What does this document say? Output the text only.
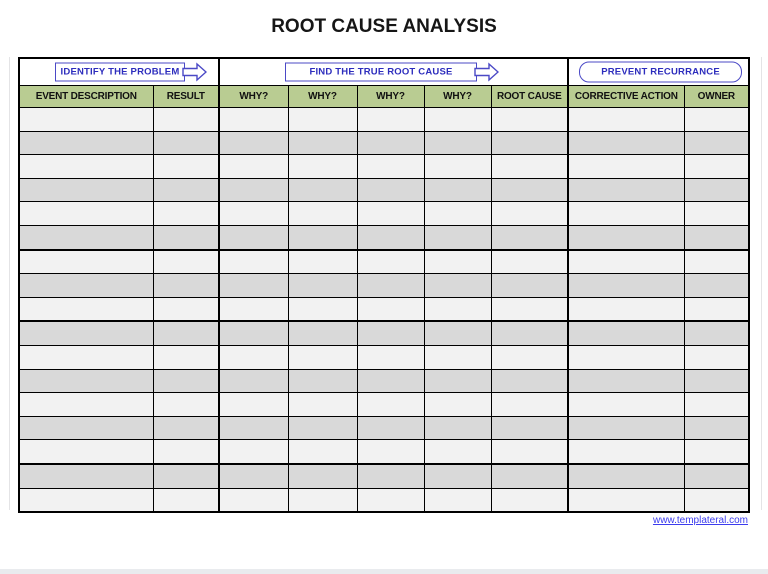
ROOT CAUSE ANALYSIS
IDENTIFY THE PROBLEM		FIND THE TRUE ROOT CAUSE					PREVENT RECURRANCE	

EVENT DESCRIPTION	RESULT	WHY?	WHY?	WHY?	WHY?	ROOT CAUSE	CORRECTIVE ACTION	OWNER

www.templateral.com
